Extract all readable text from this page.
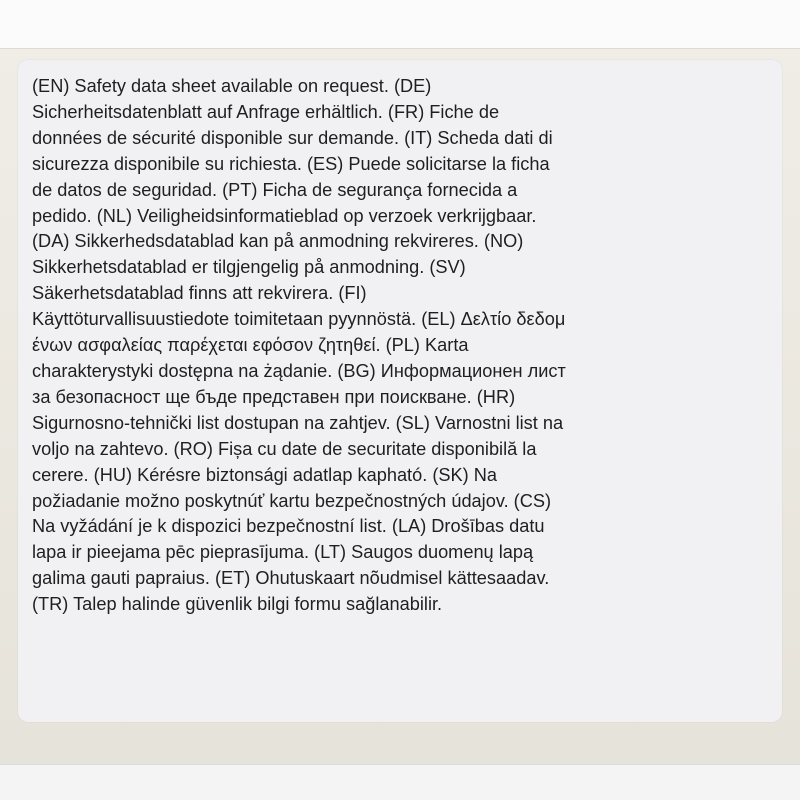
(EN) Safety data sheet available on request. (DE)
Sicherheitsdatenblatt auf Anfrage erhältlich. (FR) Fiche de
données de sécurité disponible sur demande. (IT) Scheda dati di
sicurezza disponibile su richiesta. (ES) Puede solicitarse la ficha
de datos de seguridad. (PT) Ficha de segurança fornecida a
pedido. (NL) Veiligheidsinformatieblad op verzoek verkrijgbaar.
(DA) Sikkerhedsdatablad kan på anmodning rekvireres. (NO)
Sikkerhetsdatablad er tilgjengelig på anmodning. (SV)
Säkerhetsdatablad finns att rekvirera. (FI)
Käyttöturvallisuustiedote toimitetaan pyynnöstä. (EL) Δελτίο δεδομ
ένων ασφαλείας παρέχεται εφόσον ζητηθεί. (PL) Karta
charakterystyki dostępna na żądanie. (BG) Информационен лист
за безопасност ще бъде представен при поискване. (HR)
Sigurnosno-tehnički list dostupan na zahtjev. (SL) Varnostni list na
voljo na zahtevo. (RO) Fișa cu date de securitate disponibilă la
cerere. (HU) Kérésre biztonsági adatlap kapható. (SK) Na
požiadanie možno poskytnúť kartu bezpečnostných údajov. (CS)
Na vyžádání je k dispozici bezpečnostní list. (LA) Drošības datu
lapa ir pieejama pēc pieprasījuma. (LT) Saugos duomenų lapą
galima gauti papraius. (ET) Ohutuskaart nõudmisel kättesaadav.
(TR) Talep halinde güvenlik bilgi formu sağlanabilir.
